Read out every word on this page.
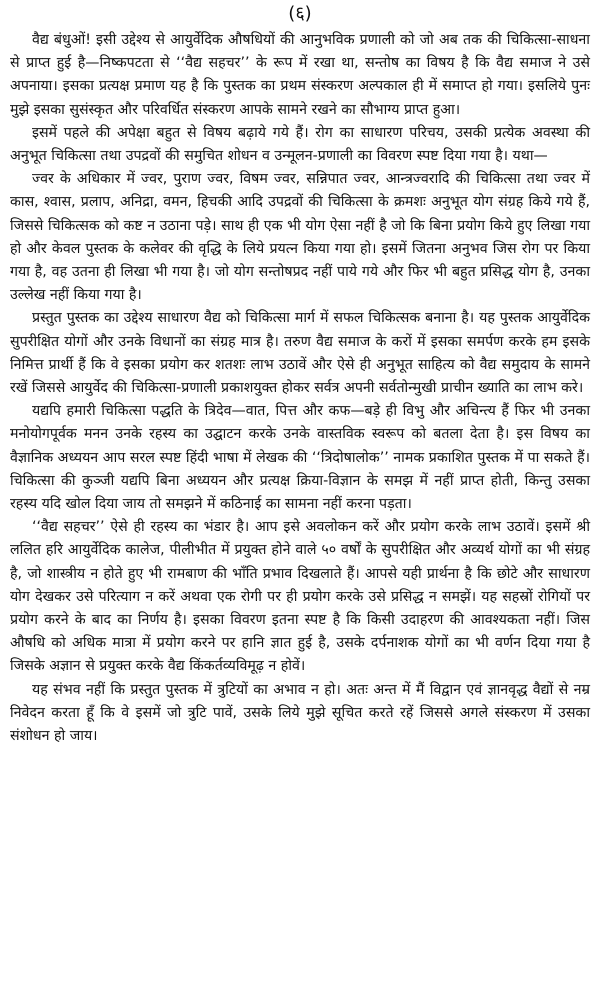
(६)

वैद्य बंधुओं! इसी उद्देश्य से आयुर्वेदिक औषधियों की आनुभविक प्रणाली को जो अब तक की चिकित्सा-साधना से प्राप्त हुई है—निष्कपटता से ‘‘वैद्य सहचर’’ के रूप में रखा था, सन्तोष का विषय है कि वैद्य समाज ने उसे अपनाया। इसका प्रत्यक्ष प्रमाण यह है कि पुस्तक का प्रथम संस्करण अल्पकाल ही में समाप्त हो गया। इसलिये पुनः मुझे इसका सुसंस्कृत और परिवर्धित संस्करण आपके सामने रखने का सौभाग्य प्राप्त हुआ।

इसमें पहले की अपेक्षा बहुत से विषय बढ़ाये गये हैं। रोग का साधारण परिचय, उसकी प्रत्येक अवस्था की अनुभूत चिकित्सा तथा उपद्रवों की समुचित शोधन व उन्मूलन-प्रणाली का विवरण स्पष्ट दिया गया है। यथा—

ज्वर के अधिकार में ज्वर, पुराण ज्वर, विषम ज्वर, सन्निपात ज्वर, आन्त्रज्वरादि की चिकित्सा तथा ज्वर में कास, श्वास, प्रलाप, अनिद्रा, वमन, हिचकी आदि उपद्रवों की चिकित्सा के क्रमशः अनुभूत योग संग्रह किये गये हैं, जिससे चिकित्सक को कष्ट न उठाना पड़े। साथ ही एक भी योग ऐसा नहीं है जो कि बिना प्रयोग किये हुए लिखा गया हो और केवल पुस्तक के कलेवर की वृद्धि के लिये प्रयत्न किया गया हो। इसमें जितना अनुभव जिस रोग पर किया गया है, वह उतना ही लिखा भी गया है। जो योग सन्तोषप्रद नहीं पाये गये और फिर भी बहुत प्रसिद्ध योग है, उनका उल्लेख नहीं किया गया है।

प्रस्तुत पुस्तक का उद्देश्य साधारण वैद्य को चिकित्सा मार्ग में सफल चिकित्सक बनाना है। यह पुस्तक आयुर्वेदिक सुपरीक्षित योगों और उनके विधानों का संग्रह मात्र है। तरुण वैद्य समाज के करों में इसका समर्पण करके हम इसके निमित्त प्रार्थी हैं कि वे इसका प्रयोग कर शतशः लाभ उठावें और ऐसे ही अनुभूत साहित्य को वैद्य समुदाय के सामने रखें जिससे आयुर्वेद की चिकित्सा-प्रणाली प्रकाशयुक्त होकर सर्वत्र अपनी सर्वतोन्मुखी प्राचीन ख्याति का लाभ करे।

यद्यपि हमारी चिकित्सा पद्धति के त्रिदेव—वात, पित्त और कफ—बड़े ही विभु और अचिन्त्य हैं फिर भी उनका मनोयोगपूर्वक मनन उनके रहस्य का उद्घाटन करके उनके वास्तविक स्वरूप को बतला देता है। इस विषय का वैज्ञानिक अध्ययन आप सरल स्पष्ट हिंदी भाषा में लेखक की ‘‘त्रिदोषालोक’’ नामक प्रकाशित पुस्तक में पा सकते हैं। चिकित्सा की कुञ्जी यद्यपि बिना अध्ययन और प्रत्यक्ष क्रिया-विज्ञान के समझ में नहीं प्राप्त होती, किन्तु उसका रहस्य यदि खोल दिया जाय तो समझने में कठिनाई का सामना नहीं करना पड़ता।

‘‘वैद्य सहचर’’ ऐसे ही रहस्य का भंडार है। आप इसे अवलोकन करें और प्रयोग करके लाभ उठावें। इसमें श्री ललित हरि आयुर्वेदिक कालेज, पीलीभीत में प्रयुक्त होने वाले ५० वर्षों के सुपरीक्षित और अव्यर्थ योगों का भी संग्रह है, जो शास्त्रीय न होते हुए भी रामबाण की भाँति प्रभाव दिखलाते हैं। आपसे यही प्रार्थना है कि छोटे और साधारण योग देखकर उसे परित्याग न करें अथवा एक रोगी पर ही प्रयोग करके उसे प्रसिद्ध न समझें। यह सहस्रों रोगियों पर प्रयोग करने के बाद का निर्णय है। इसका विवरण इतना स्पष्ट है कि किसी उदाहरण की आवश्यकता नहीं। जिस औषधि को अधिक मात्रा में प्रयोग करने पर हानि ज्ञात हुई है, उसके दर्पनाशक योगों का भी वर्णन दिया गया है जिसके अज्ञान से प्रयुक्त करके वैद्य किंकर्तव्यविमूढ़ न होवें।

यह संभव नहीं कि प्रस्तुत पुस्तक में त्रुटियों का अभाव न हो। अतः अन्त में मैं विद्वान एवं ज्ञानवृद्ध वैद्यों से नम्र निवेदन करता हूँ कि वे इसमें जो त्रुटि पावें, उसके लिये मुझे सूचित करते रहें जिससे अगले संस्करण में उसका संशोधन हो जाय।
